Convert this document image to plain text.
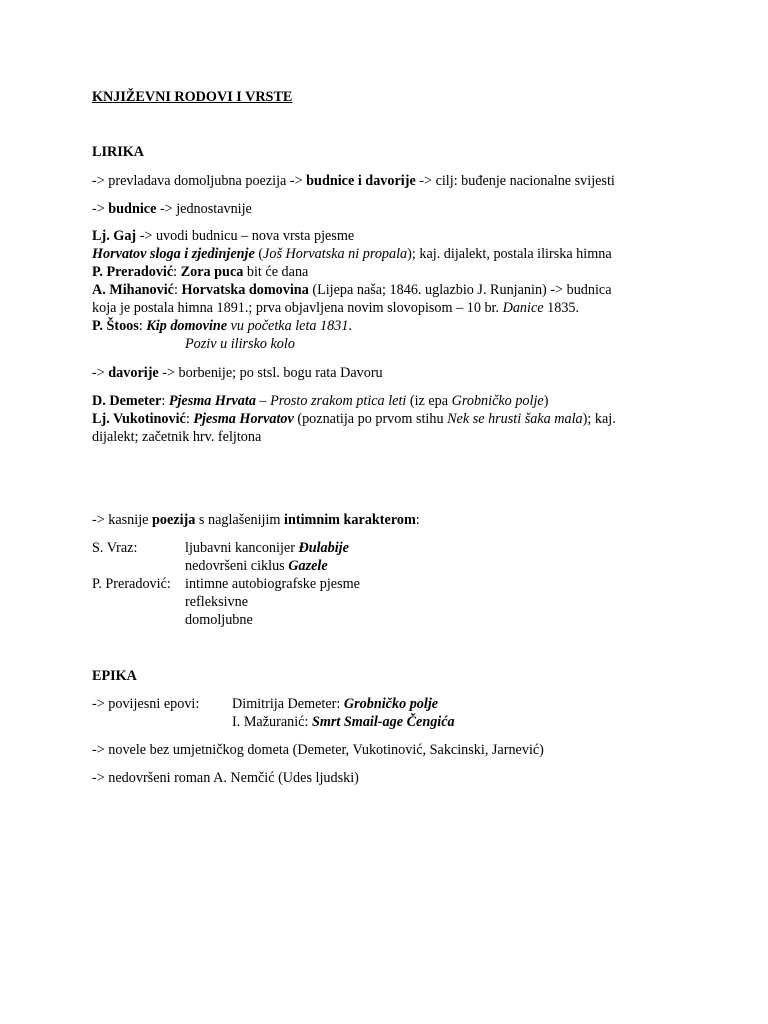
KNJIŽEVNI RODOVI I VRSTE
LIRIKA
-> prevladava domoljubna poezija -> budnice i davorije -> cilj: buđenje nacionalne svijesti
-> budnice -> jednostavnije
Lj. Gaj -> uvodi budnicu – nova vrsta pjesme
Horvatov sloga i zjedinjenje (Još Horvatska ni propala); kaj. dijalekt, postala ilirska himna
P. Preradović: Zora puca bit će dana
A. Mihanović: Horvatska domovina (Lijepa naša; 1846. uglazbio J. Runjanin) -> budnica
koja je postala himna 1891.; prva objavljena novim slovopisom – 10 br. Danice 1835.
P. Štoos: Kip domovine vu početka leta 1831.
Poziv u ilirsko kolo
-> davorije -> borbenije; po stsl. bogu rata Davoru
D. Demeter: Pjesma Hrvata – Prosto zrakom ptica leti (iz epa Grobničko polje)
Lj. Vukotinović: Pjesma Horvatov (poznatija po prvom stihu Nek se hrusti šaka mala); kaj.
dijalekt; začetnik hrv. feljtona
-> kasnije poezija s naglašenijim intimnim karakterom:
S. Vraz:	ljubavni kanconijer Đulabije
nedovršeni ciklus Gazele
P. Preradović: intimne autobiografske pjesme
refleksivne
domoljubne
EPIKA
-> povijesni epovi: Dimitrija Demeter: Grobničko polje
I. Mažuranić: Smrt Smail-age Čengića
-> novele bez umjetničkog dometa (Demeter, Vukotinović, Sakcinski, Jarnević)
-> nedovršeni roman A. Nemčić (Udes ljudski)
